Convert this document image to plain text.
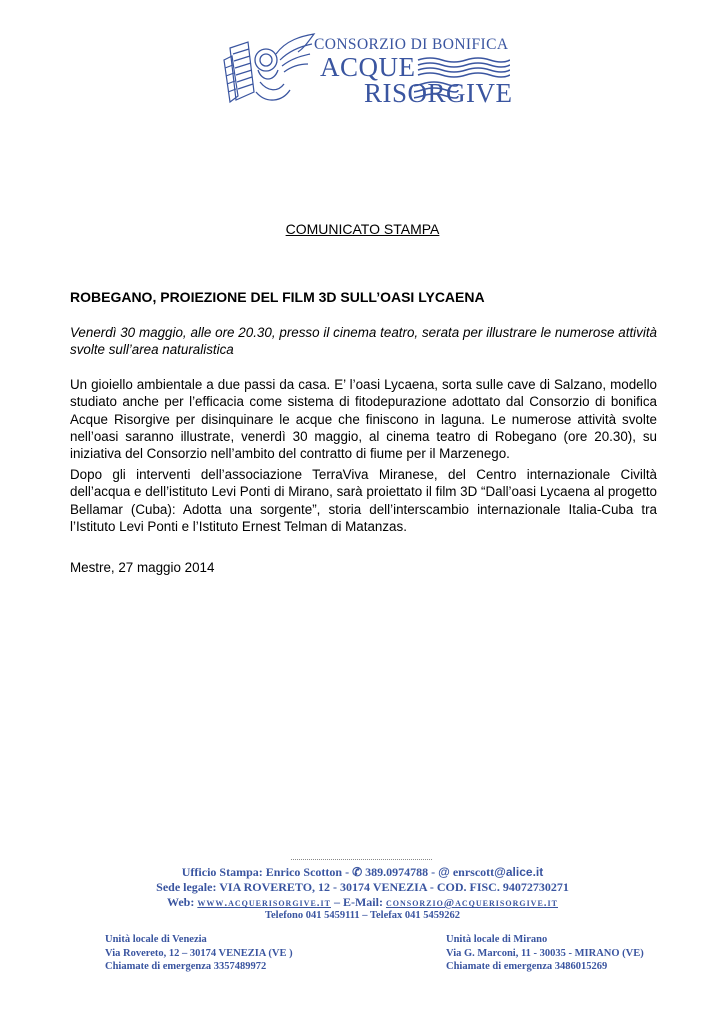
CONSORZIO DI BONIFICA
ACQUE
RISORGIVE
COMUNICATO STAMPA
ROBEGANO, PROIEZIONE DEL FILM 3D SULL’OASI LYCAENA
Venerdì 30 maggio, alle ore 20.30, presso il cinema teatro, serata per illustrare le numerose attività svolte sull’area naturalistica
Un gioiello ambientale a due passi da casa. E’ l’oasi Lycaena, sorta sulle cave di Salzano, modello studiato anche per l’efficacia come sistema di fitodepurazione adottato dal Consorzio di bonifica Acque Risorgive per disinquinare le acque che finiscono in laguna. Le numerose attività svolte nell’oasi saranno illustrate, venerdì 30 maggio, al cinema teatro di Robegano (ore 20.30), su iniziativa del Consorzio nell’ambito del contratto di fiume per il Marzenego.
Dopo gli interventi dell’associazione TerraViva Miranese, del Centro internazionale Civiltà dell’acqua e dell’istituto Levi Ponti di Mirano, sarà proiettato il film 3D “Dall’oasi Lycaena al progetto Bellamar (Cuba): Adotta una sorgente”, storia dell’interscambio internazionale Italia-Cuba tra l’Istituto Levi Ponti e l’Istituto Ernest Telman di Matanzas.
Mestre, 27 maggio 2014
Ufficio Stampa: Enrico Scotton - ✆ 389.0974788 - @ enrscott@alice.it
Sede legale: VIA ROVERETO, 12 - 30174 VENEZIA - COD. FISC. 94072730271
Web: www.acquerisorgive.it – E-Mail: consorzio@acquerisorgive.it
Telefono 041 5459111 – Telefax 041 5459262
Unità locale di Venezia
Via Rovereto, 12 – 30174 VENEZIA (VE )
Chiamate di emergenza 3357489972
Unità locale di Mirano
Via G. Marconi, 11 - 30035 - MIRANO (VE)
Chiamate di emergenza 3486015269
